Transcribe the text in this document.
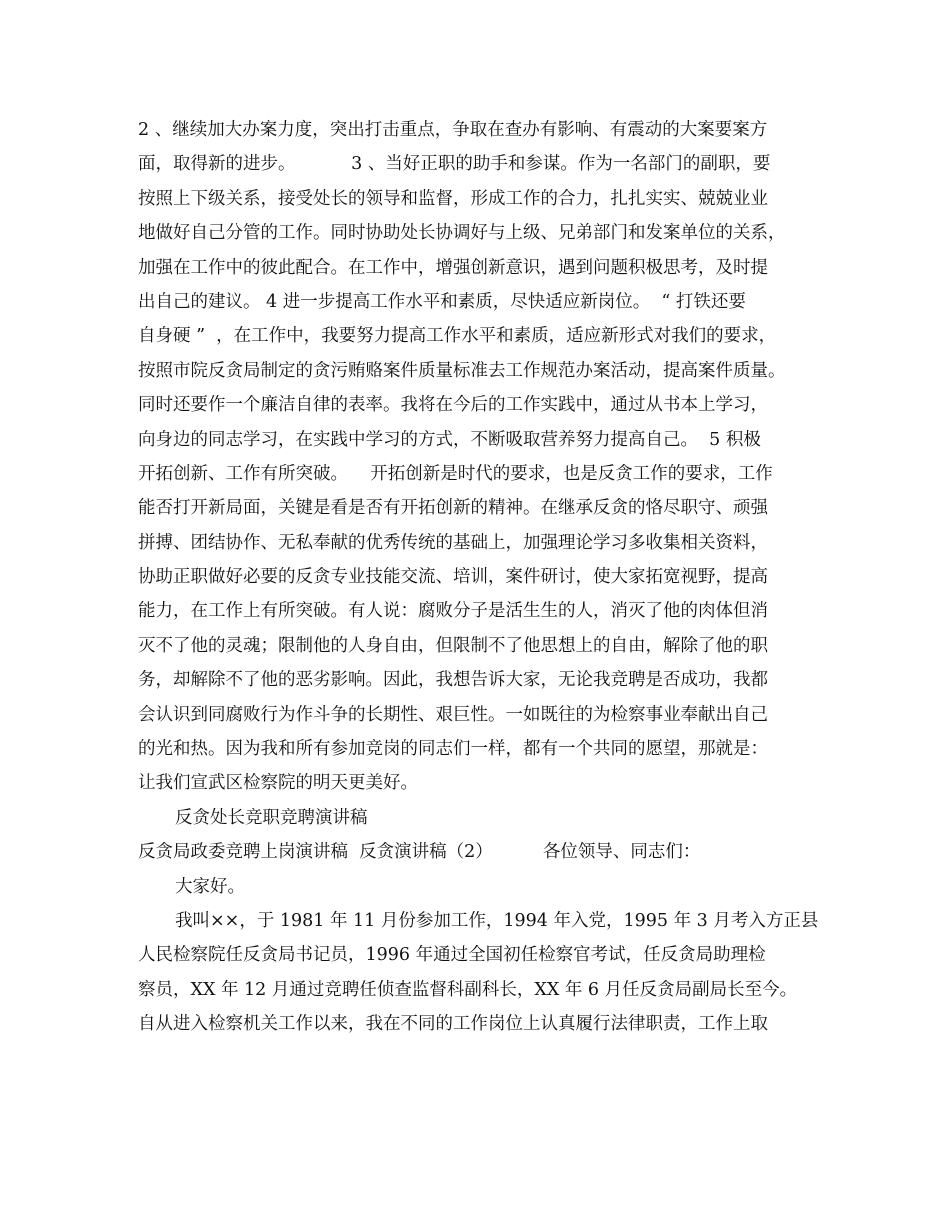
2 、继续加大办案力度，突出打击重点，争取在查办有影响、有震动的大案要案方
面，取得新的进步。          3 、当好正职的助手和参谋。作为一名部门的副职，要
按照上下级关系，接受处长的领导和监督，形成工作的合力，扎扎实实、兢兢业业
地做好自己分管的工作。同时协助处长协调好与上级、兄弟部门和发案单位的关系，
加强在工作中的彼此配合。在工作中，增强创新意识，遇到问题积极思考，及时提
出自己的建议。 4 进一步提高工作水平和素质，尽快适应新岗位。  “ 打铁还要
自身硬 ”  ，在工作中，我要努力提高工作水平和素质，适应新形式对我们的要求，
按照市院反贪局制定的贪污贿赂案件质量标准去工作规范办案活动，提高案件质量。
同时还要作一个廉洁自律的表率。我将在今后的工作实践中，通过从书本上学习，
向身边的同志学习，在实践中学习的方式，不断吸取营养努力提高自己。  5 积极
开拓创新、工作有所突破。    开拓创新是时代的要求，也是反贪工作的要求，工作
能否打开新局面，关键是看是否有开拓创新的精神。在继承反贪的恪尽职守、顽强
拼搏、团结协作、无私奉献的优秀传统的基础上，加强理论学习多收集相关资料，
协助正职做好必要的反贪专业技能交流、培训，案件研讨，使大家拓宽视野，提高
能力，在工作上有所突破。有人说：腐败分子是活生生的人，消灭了他的肉体但消
灭不了他的灵魂；限制他的人身自由，但限制不了他思想上的自由，解除了他的职
务，却解除不了他的恶劣影响。因此，我想告诉大家，无论我竞聘是否成功，我都
会认识到同腐败行为作斗争的长期性、艰巨性。一如既往的为检察事业奉献出自己
的光和热。因为我和所有参加竞岗的同志们一样，都有一个共同的愿望，那就是：
让我们宣武区检察院的明天更美好。
反贪处长竞职竞聘演讲稿
反贪局政委竞聘上岗演讲稿  反贪演讲稿（2）         各位领导、同志们：
大家好。
我叫××，于 1981 年 11 月份参加工作，1994 年入党，1995 年 3 月考入方正县
人民检察院任反贪局书记员，1996 年通过全国初任检察官考试，任反贪局助理检
察员，XX 年 12 月通过竞聘任侦查监督科副科长，XX 年 6 月任反贪局副局长至今。
自从进入检察机关工作以来，我在不同的工作岗位上认真履行法律职责，工作上取
